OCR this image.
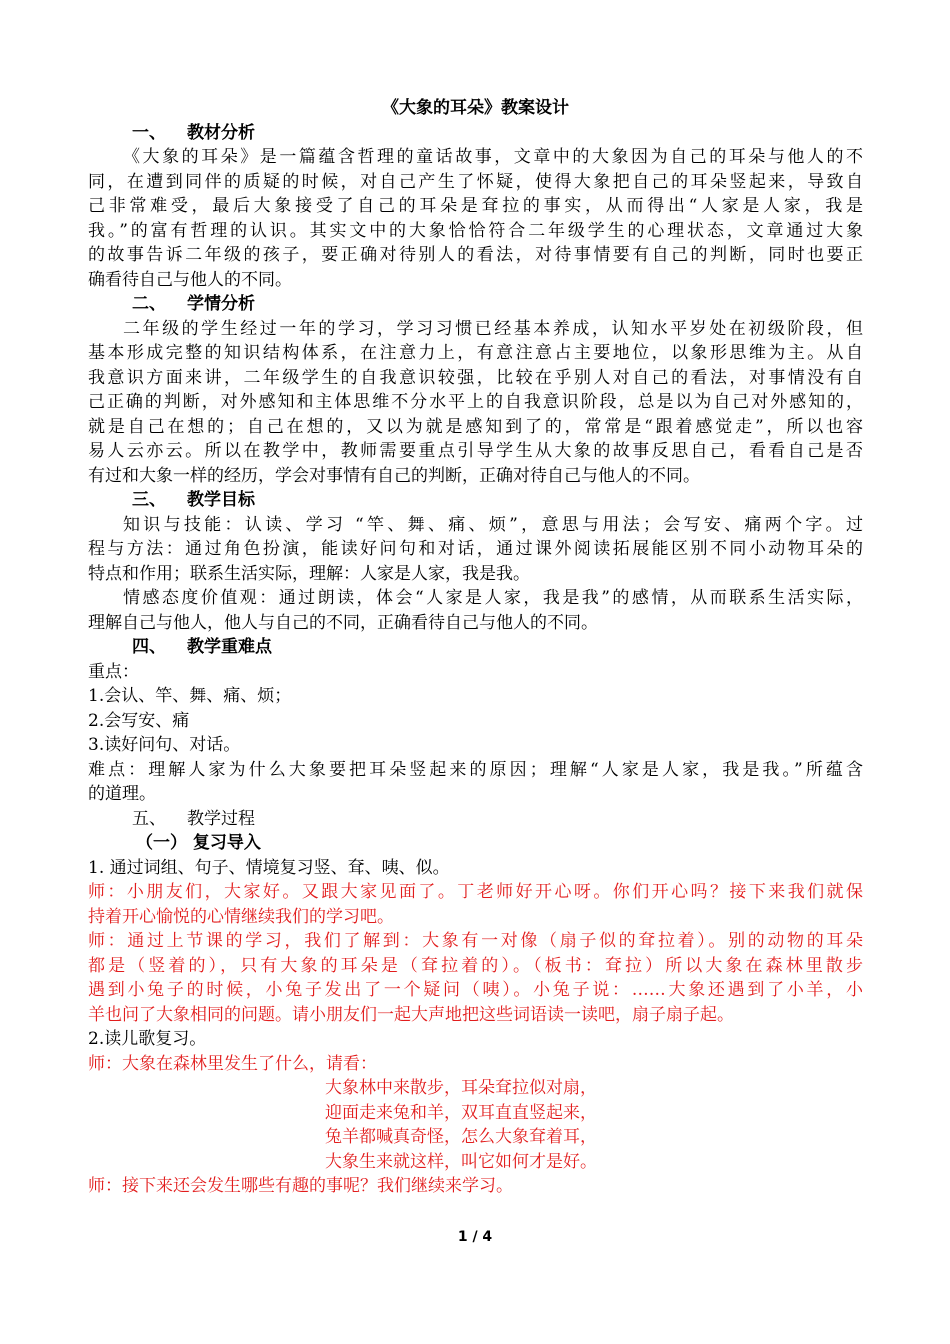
《大象的耳朵》教案设计
一、 教材分析
《大象的耳朵》是一篇蕴含哲理的童话故事，文章中的大象因为自己的耳朵与他人的不
同，在遭到同伴的质疑的时候，对自己产生了怀疑，使得大象把自己的耳朵竖起来，导致自
己非常难受，最后大象接受了自己的耳朵是耷拉的事实，从而得出“人家是人家，我是
我。”的富有哲理的认识。其实文中的大象恰恰符合二年级学生的心理状态，文章通过大象
的故事告诉二年级的孩子，要正确对待别人的看法，对待事情要有自己的判断，同时也要正
确看待自己与他人的不同。
二、 学情分析
二年级的学生经过一年的学习，学习习惯已经基本养成，认知水平岁处在初级阶段，但
基本形成完整的知识结构体系，在注意力上，有意注意占主要地位，以象形思维为主。从自
我意识方面来讲，二年级学生的自我意识较强，比较在乎别人对自己的看法，对事情没有自
己正确的判断，对外感知和主体思维不分水平上的自我意识阶段，总是以为自己对外感知的，
就是自己在想的；自己在想的，又以为就是感知到了的，常常是“跟着感觉走”，所以也容
易人云亦云。所以在教学中，教师需要重点引导学生从大象的故事反思自己，看看自己是否
有过和大象一样的经历，学会对事情有自己的判断，正确对待自己与他人的不同。
三、 教学目标
知识与技能：认读、学习 “竿、舞、痛、烦”，意思与用法；会写安、痛两个字。过
程与方法：通过角色扮演，能读好问句和对话，通过课外阅读拓展能区别不同小动物耳朵的
特点和作用；联系生活实际，理解：人家是人家，我是我。
情感态度价值观：通过朗读，体会“人家是人家，我是我”的感情，从而联系生活实际，
理解自己与他人，他人与自己的不同，正确看待自己与他人的不同。
四、 教学重难点
重点：
1.会认、竿、舞、痛、烦；
2.会写安、痛
3.读好问句、对话。
难点：理解人家为什么大象要把耳朵竖起来的原因；理解“人家是人家，我是我。”所蕴含
的道理。
五、 教学过程
（一） 复习导入
1. 通过词组、句子、情境复习竖、耷、咦、似。
师：小朋友们，大家好。又跟大家见面了。丁老师好开心呀。你们开心吗？接下来我们就保
持着开心愉悦的心情继续我们的学习吧。
师：通过上节课的学习，我们了解到：大象有一对像（扇子似的耷拉着）。别的动物的耳朵
都是（竖着的），只有大象的耳朵是（耷拉着的）。（板书：耷拉）所以大象在森林里散步
遇到小兔子的时候，小兔子发出了一个疑问（咦）。小兔子说：……大象还遇到了小羊，小
羊也问了大象相同的问题。请小朋友们一起大声地把这些词语读一读吧，扇子扇子起。
2.读儿歌复习。
师：大象在森林里发生了什么，请看：
大象林中来散步，耳朵耷拉似对扇，
迎面走来兔和羊，双耳直直竖起来，
兔羊都喊真奇怪，怎么大象耷着耳，
大象生来就这样，叫它如何才是好。
师：接下来还会发生哪些有趣的事呢？我们继续来学习。
1 / 4
